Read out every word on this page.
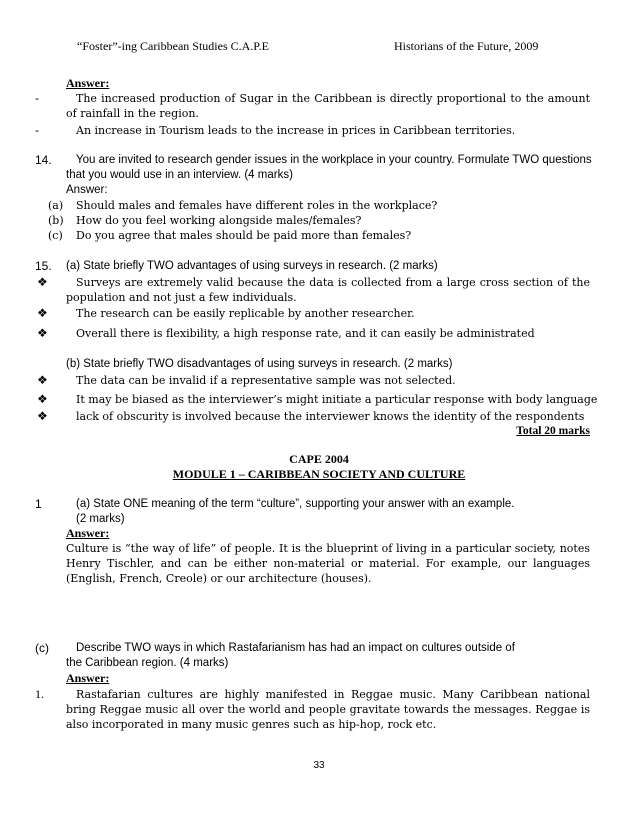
“Foster”-ing Caribbean Studies C.A.P.E	Historians of the Future, 2009
Answer:
-	The increased production of Sugar in the Caribbean is directly proportional to the amount of rainfall in the region.
-	An increase in Tourism leads to the increase in prices in Caribbean territories.
14. You are invited to research gender issues in the workplace in your country. Formulate TWO questions
that you would use in an interview. (4 marks)
Answer:
(a) Should males and females have different roles in the workplace?
(b) How do you feel working alongside males/females?
(c) Do you agree that males should be paid more than females?
15. (a) State briefly TWO advantages of using surveys in research. (2 marks)
❖	Surveys are extremely valid because the data is collected from a large cross section of the population and not just a few individuals.
❖	The research can be easily replicable by another researcher.
❖	Overall there is flexibility, a high response rate, and it can easily be administrated
(b) State briefly TWO disadvantages of using surveys in research. (2 marks)
❖	The data can be invalid if a representative sample was not selected.
❖	It may be biased as the interviewer’s might initiate a particular response with body language
❖	lack of obscurity is involved because the interviewer knows the identity of the respondents
Total 20 marks
CAPE 2004
MODULE 1 – CARIBBEAN SOCIETY AND CULTURE
1	(a) State ONE meaning of the term “culture”, supporting your answer with an example.
(2 marks)
Answer:
Culture is “the way of life” of people. It is the blueprint of living in a particular society, notes Henry Tischler, and can be either non-material or material. For example, our languages (English, French, Creole) or our architecture (houses).
(c) Describe TWO ways in which Rastafarianism has had an impact on cultures outside of
the Caribbean region. (4 marks)
Answer:
1.	Rastafarian cultures are highly manifested in Reggae music. Many Caribbean national bring Reggae music all over the world and people gravitate towards the messages. Reggae is also incorporated in many music genres such as hip-hop, rock etc.
33
